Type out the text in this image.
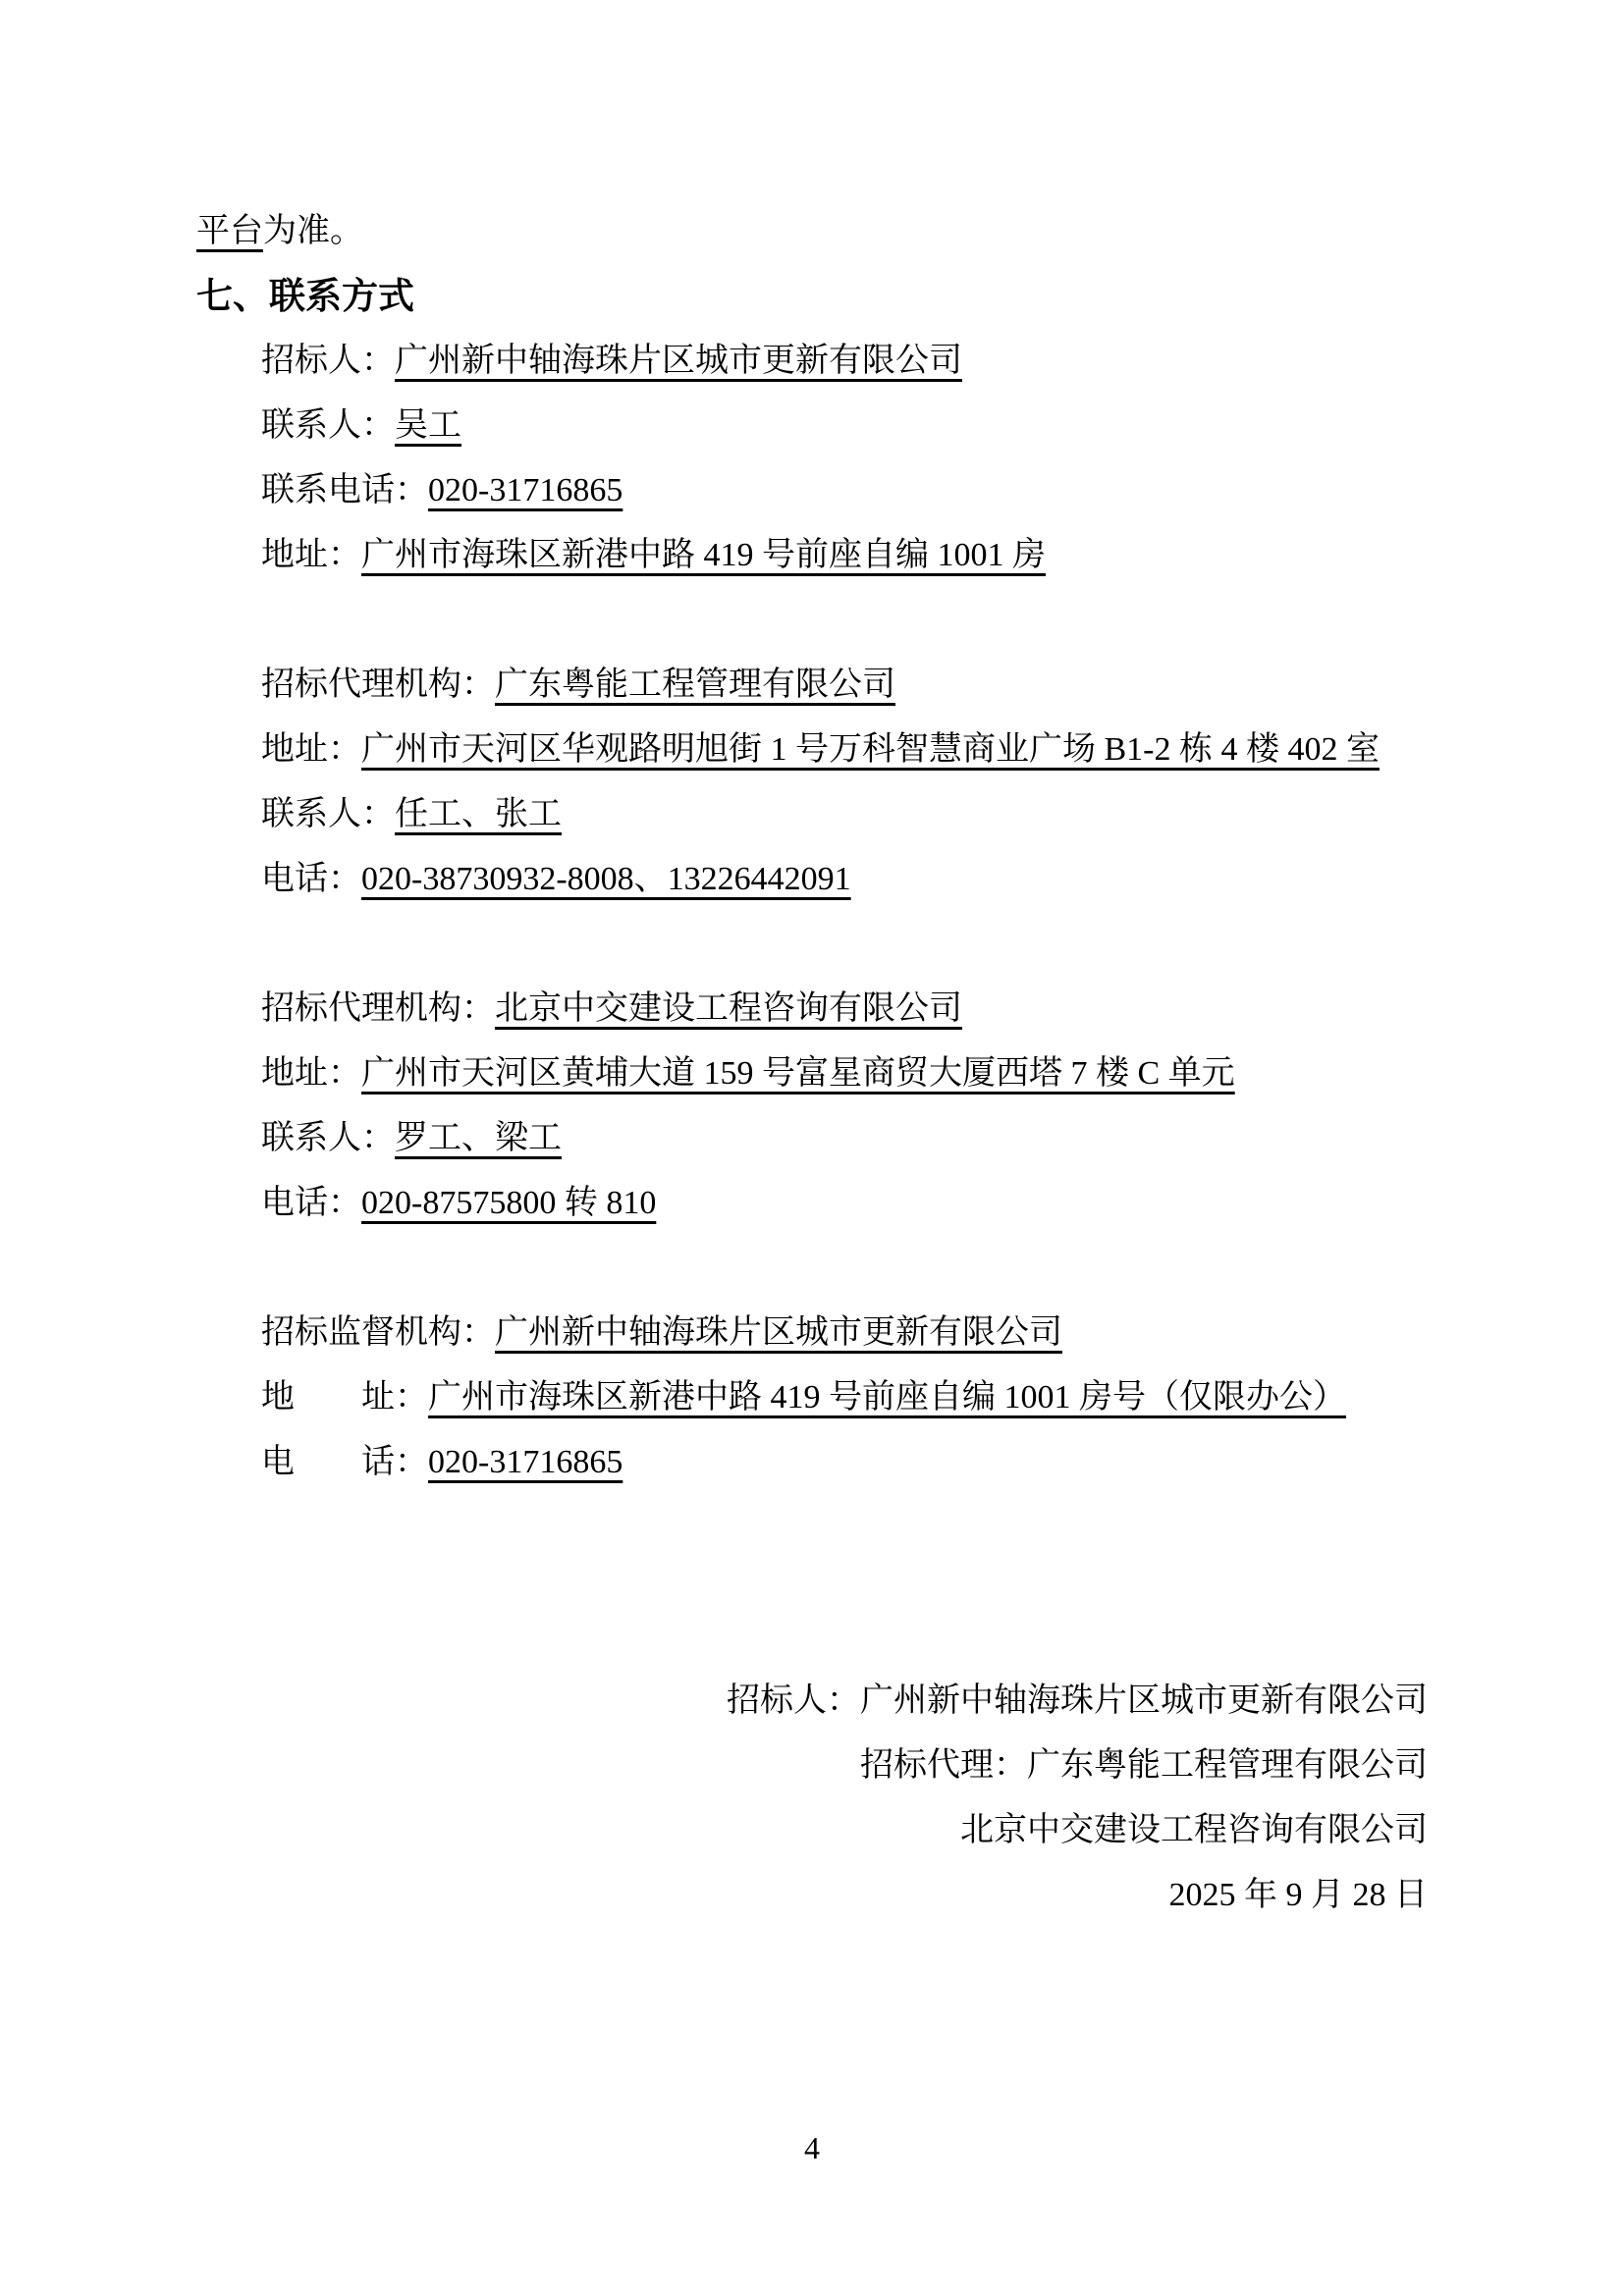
平台为准。
七、联系方式
招标人：广州新中轴海珠片区城市更新有限公司
联系人：吴工
联系电话：020-31716865
地址：广州市海珠区新港中路 419 号前座自编 1001 房
招标代理机构：广东粤能工程管理有限公司
地址：广州市天河区华观路明旭街 1 号万科智慧商业广场 B1-2 栋 4 楼 402 室
联系人：任工、张工
电话：020-38730932-8008、13226442091
招标代理机构：北京中交建设工程咨询有限公司
地址：广州市天河区黄埔大道 159 号富星商贸大厦西塔 7 楼 C 单元
联系人：罗工、梁工
电话：020-87575800 转 810
招标监督机构：广州新中轴海珠片区城市更新有限公司
地　　址：广州市海珠区新港中路 419 号前座自编 1001 房号（仅限办公）
电　　话：020-31716865
招标人：广州新中轴海珠片区城市更新有限公司
招标代理：广东粤能工程管理有限公司
北京中交建设工程咨询有限公司
2025 年 9 月 28 日
4
